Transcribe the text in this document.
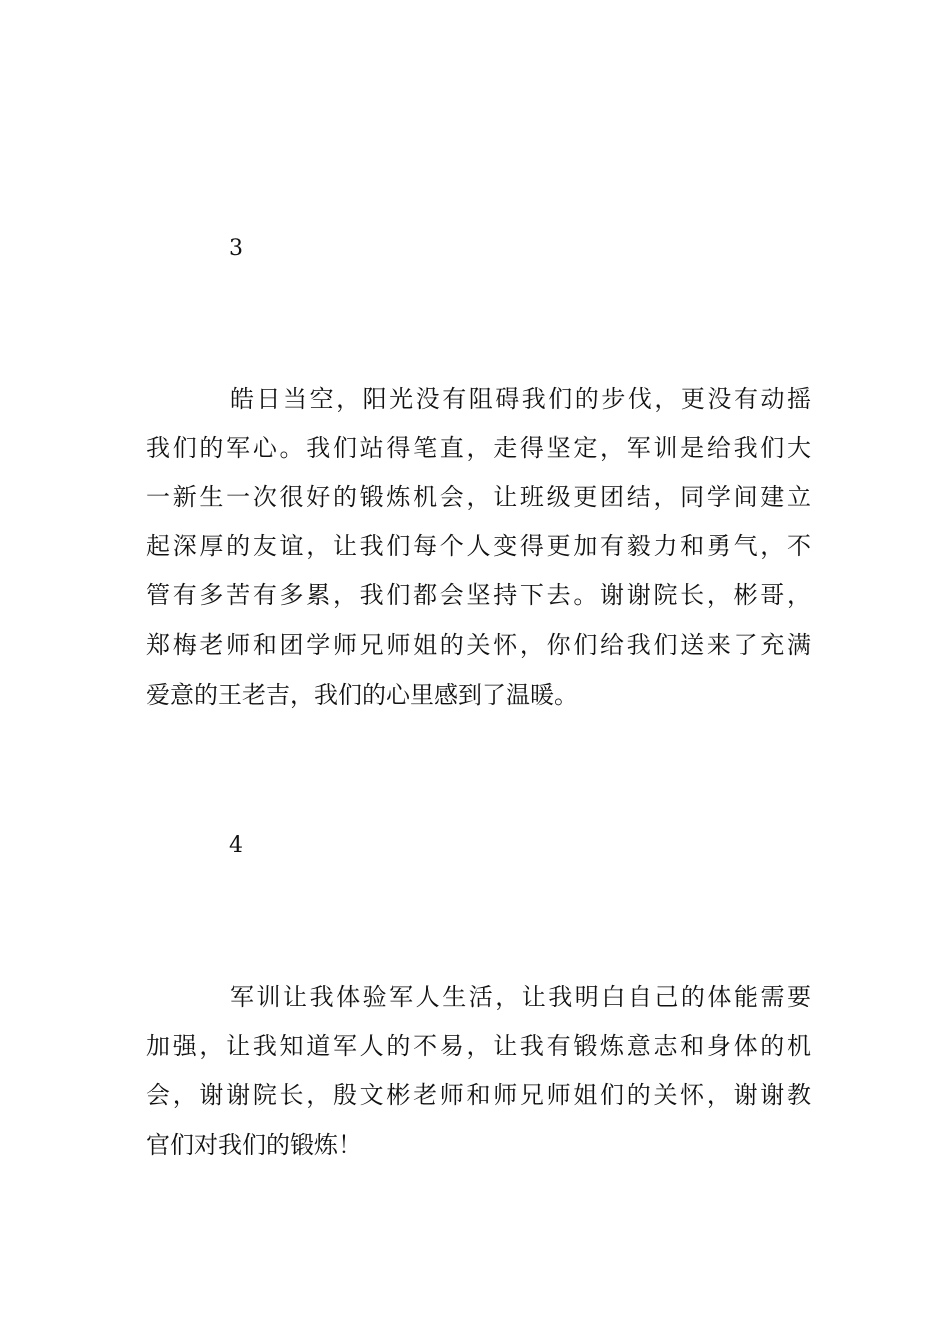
3

皓日当空，阳光没有阻碍我们的步伐，更没有动摇

我们的军心。我们站得笔直，走得坚定，军训是给我们大

一新生一次很好的锻炼机会，让班级更团结，同学间建立

起深厚的友谊，让我们每个人变得更加有毅力和勇气，不

管有多苦有多累，我们都会坚持下去。谢谢院长，彬哥，

郑梅老师和团学师兄师姐的关怀，你们给我们送来了充满

爱意的王老吉，我们的心里感到了温暖。

4

军训让我体验军人生活，让我明白自己的体能需要

加强，让我知道军人的不易，让我有锻炼意志和身体的机

会，谢谢院长，殷文彬老师和师兄师姐们的关怀，谢谢教

官们对我们的锻炼！
